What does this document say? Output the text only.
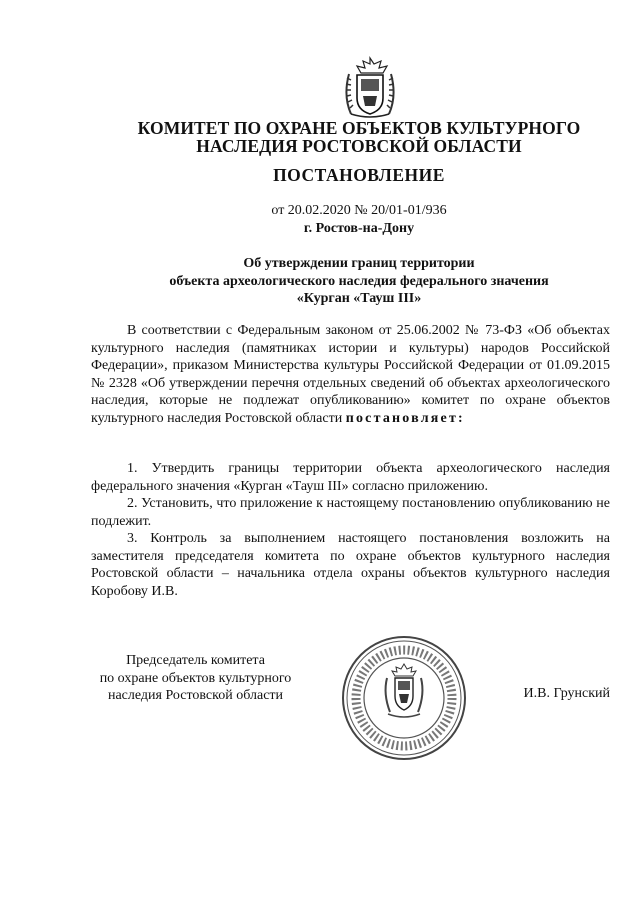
КОМИТЕТ ПО ОХРАНЕ ОБЪЕКТОВ КУЛЬТУРНОГО
НАСЛЕДИЯ РОСТОВСКОЙ ОБЛАСТИ
ПОСТАНОВЛЕНИЕ
от 20.02.2020 № 20/01-01/936
г. Ростов-на-Дону
Об утверждении границ территории
объекта археологического наследия федерального значения
«Курган «Тауш III»
В соответствии с Федеральным законом от 25.06.2002 № 73-ФЗ «Об объектах культурного наследия (памятниках истории и культуры) народов Российской Федерации», приказом Министерства культуры Российской Федерации от 01.09.2015 № 2328 «Об утверждении перечня отдельных сведений об объектах археологического наследия, которые не подлежат опубликованию» комитет по охране объектов культурного наследия Ростовской области постановляет:
1. Утвердить границы территории объекта археологического наследия федерального значения «Курган «Тауш III» согласно приложению.
2. Установить, что приложение к настоящему постановлению опубликованию не подлежит.
3. Контроль за выполнением настоящего постановления возложить на заместителя председателя комитета по охране объектов культурного наследия Ростовской области – начальника отдела охраны объектов культурного наследия Коробову И.В.
Председатель комитета
по охране объектов культурного
наследия Ростовской области	И.В. Грунский
